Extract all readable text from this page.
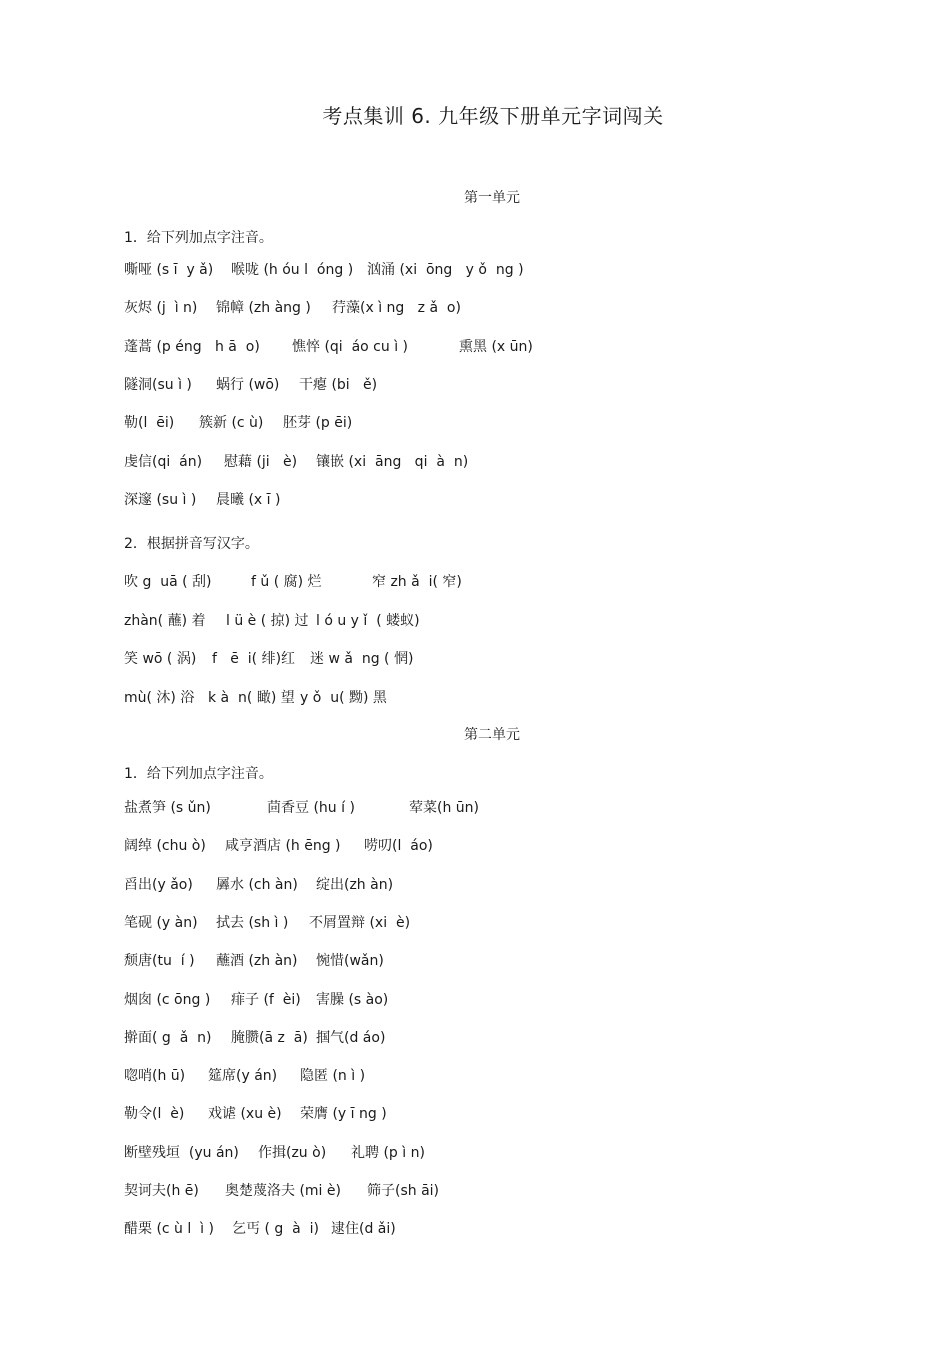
考点集训 6. 九年级下册单元字词闯关
第一单元
1．给下列加点字注音。
嘶哑 (s ī  y ǎ) 喉咙 (h óu l  óng ) 汹涌 (xi  ōng   y ǒ  ng )
灰烬 (j  ì n) 锦幛 (zh àng ) 荇藻(x ì ng   z ǎ  o)
蓬蒿 (p éng   h ā  o) 憔悴 (qi  áo cu ì )	熏黑 (x ūn)
隧洞(su ì ) 蜗行 (wō) 干瘪 (bi   ě)
勒(l  ēi) 簇新 (c ù) 胚芽 (p ēi)
虔信(qi  án) 慰藉 (ji   è) 镶嵌 (xi  āng   qi  à  n)
深邃 (su ì ) 晨曦 (x ī )
2．根据拼音写汉字。
吹 g  uā ( 刮)	f ǔ ( 腐) 烂	窄 zh ǎ  i( 窄)
zhàn( 蘸) 着 l ü è ( 掠) 过 l ó u y ǐ  ( 蝼蚁)
笑 wō ( 涡) f   ē  i( 绯)红 迷 w ǎ  ng ( 惘)
mù( 沐) 浴 k à  n( 瞰) 望 y ǒ  u( 黝) 黑
第二单元
1．给下列加点字注音。
盐煮笋 (s ǔn)	茴香豆 (hu í )	荤菜(h ūn)
阔绰 (chu ò) 咸亨酒店 (h ēng ) 唠叨(l  áo)
舀出(y ǎo) 羼水 (ch àn) 绽出(zh àn)
笔砚 (y àn) 拭去 (sh ì ) 不屑置辩 (xi  è)
颓唐(tu  í ) 蘸酒 (zh àn) 惋惜(wǎn)
烟囱 (c ōng ) 痱子 (f  èi) 害臊 (s ào)
擀面( g  ǎ  n) 腌臜(ā z  ā) 掴气(d áo)
唿哨(h ū) 筵席(y án) 隐匿 (n ì )
勒令(l  è) 戏谑 (xu è) 荣膺 (y ī ng )
断壁残垣  (yu án) 作揖(zu ò) 礼聘 (p ì n)
契诃夫(h ē) 奥楚蔑洛夫 (mi è) 筛子(sh āi)
醋栗 (c ù l  ì ) 乞丐 ( g  à  i) 逮住(d ǎi)
